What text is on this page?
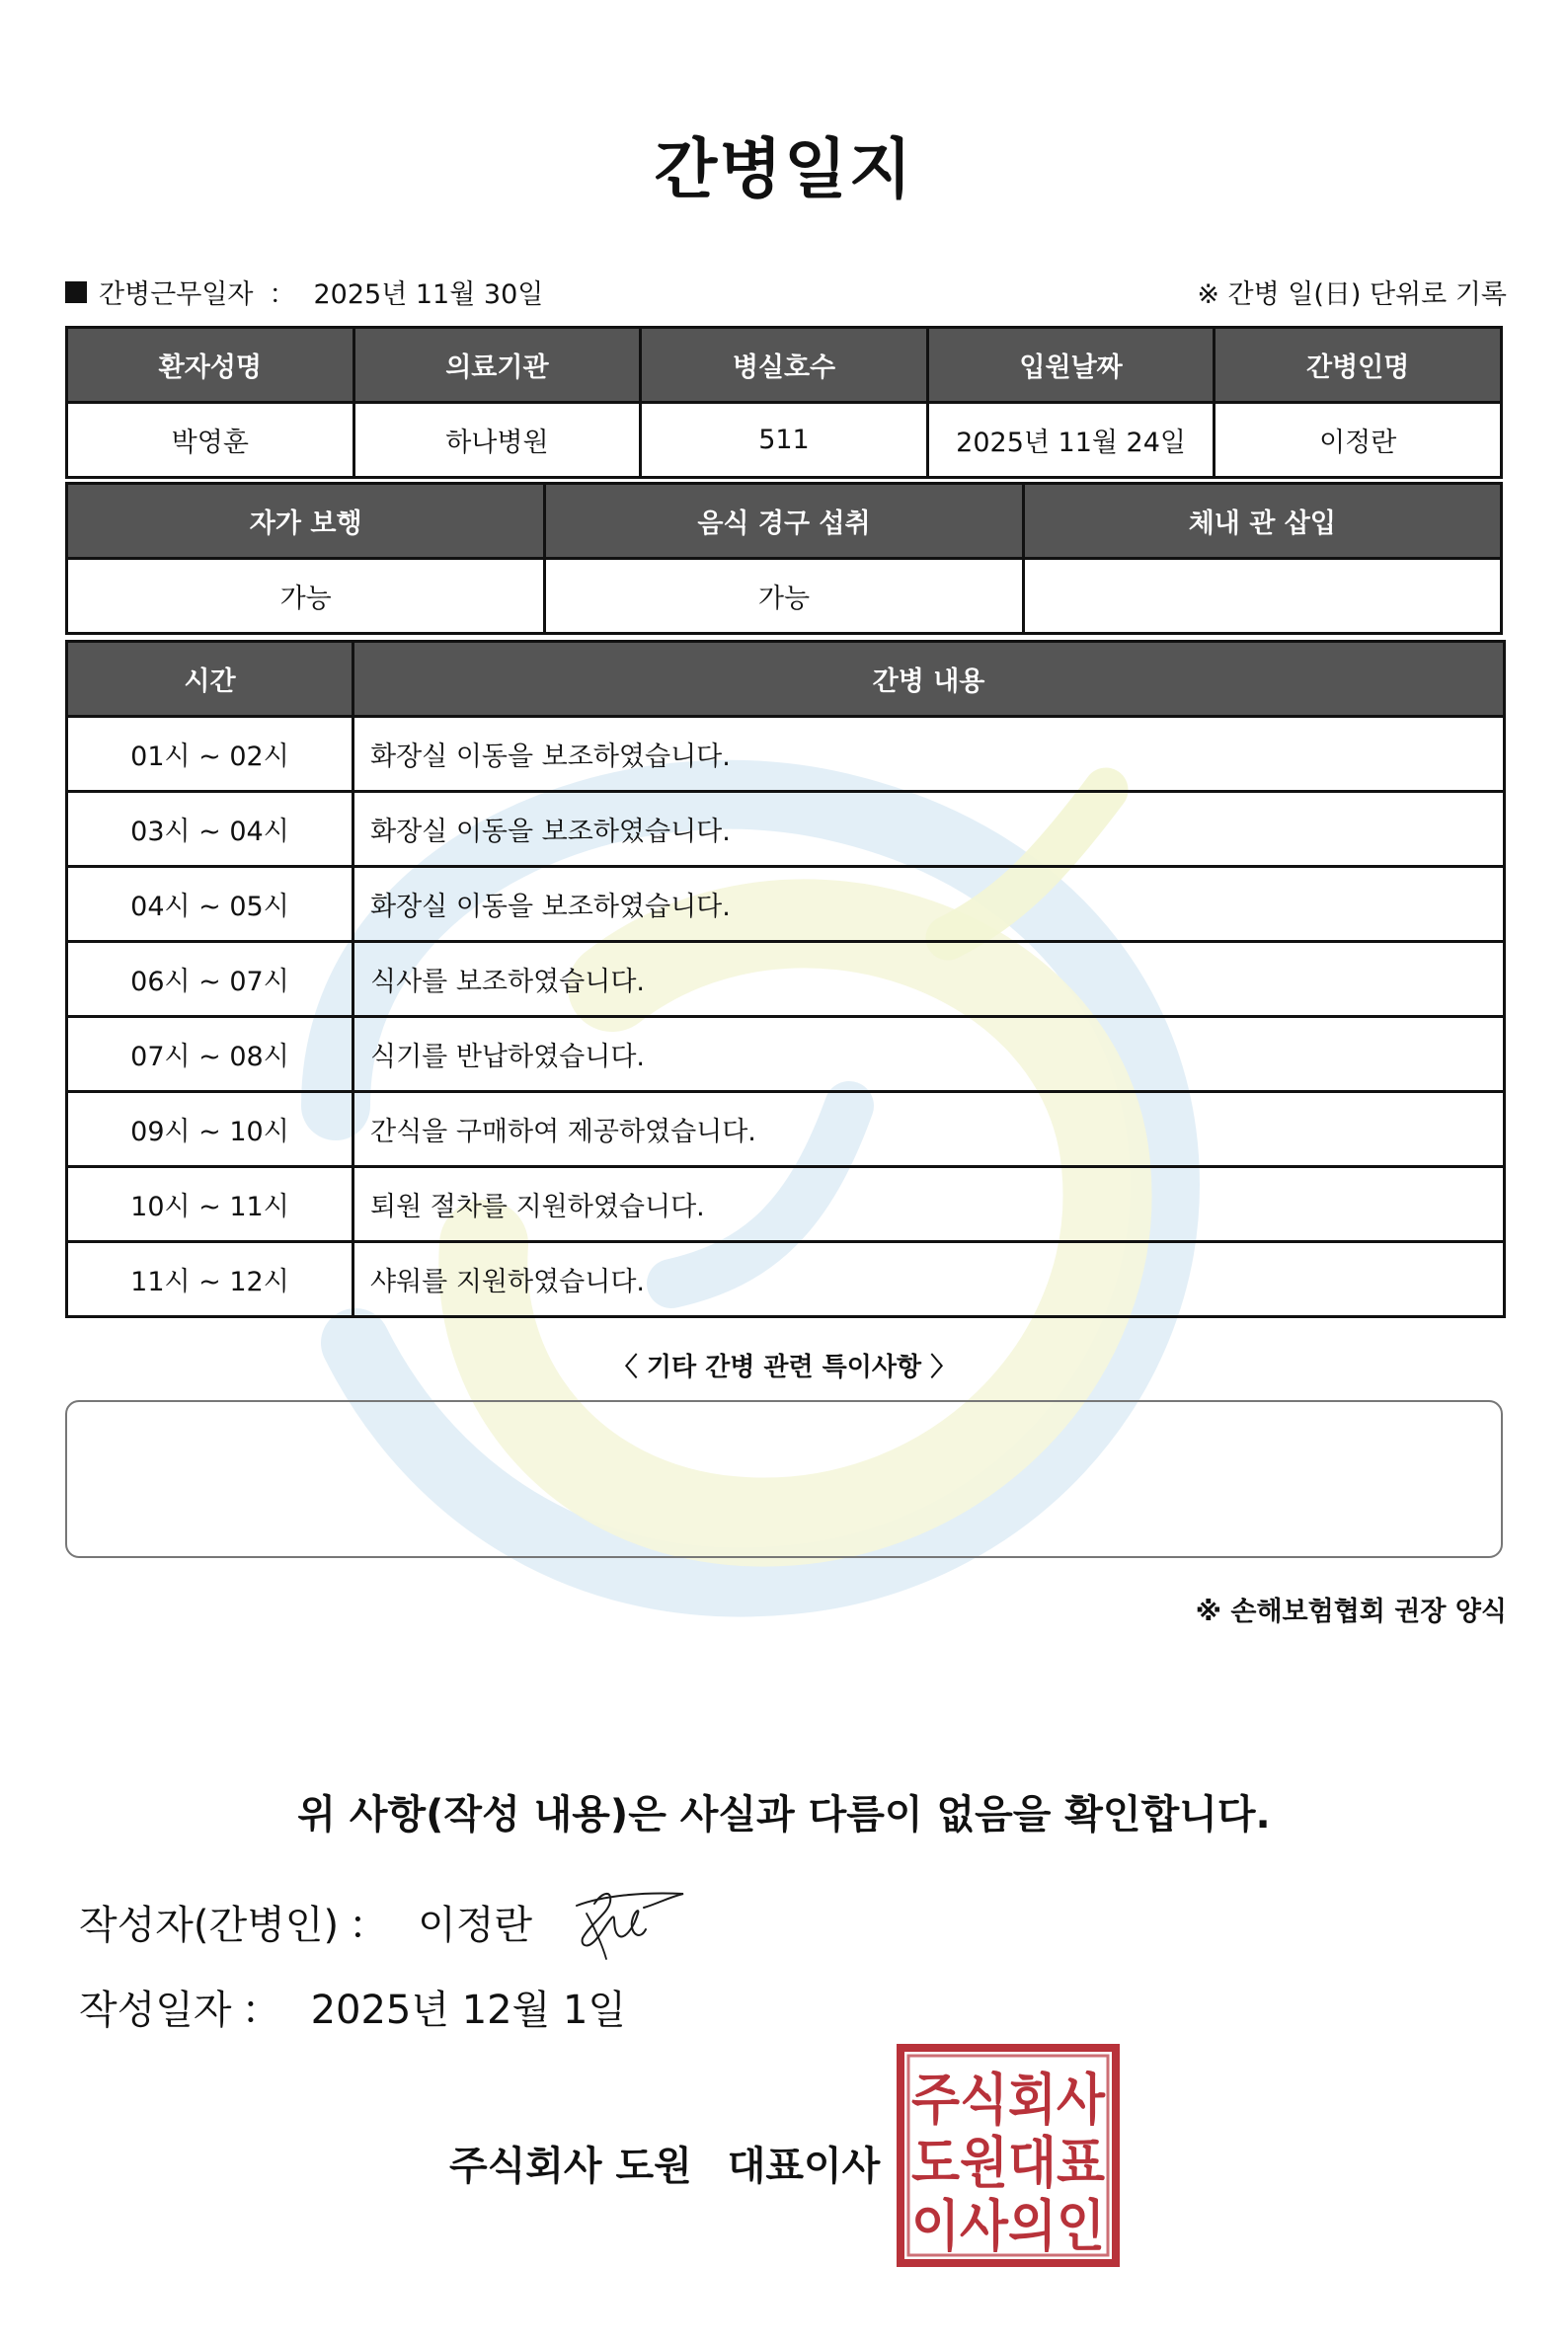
간병일지
간병근무일자 ： 2025년 11월 30일	※ 간병 일(日) 단위로 기록
환자성명	의료기관	병실호수	입원날짜	간병인명
박영훈	하나병원	511	2025년 11월 24일	이정란
자가 보행	음식 경구 섭취	체내 관 삽입
가능	가능	
시간	간병 내용
01시 ~ 02시	화장실 이동을 보조하였습니다.
03시 ~ 04시	화장실 이동을 보조하였습니다.
04시 ~ 05시	화장실 이동을 보조하였습니다.
06시 ~ 07시	식사를 보조하였습니다.
07시 ~ 08시	식기를 반납하였습니다.
09시 ~ 10시	간식을 구매하여 제공하였습니다.
10시 ~ 11시	퇴원 절차를 지원하였습니다.
11시 ~ 12시	샤워를 지원하였습니다.
〈 기타 간병 관련 특이사항 〉
※ 손해보험협회 권장 양식
위 사항(작성 내용)은 사실과 다름이 없음을 확인합니다.
작성자(간병인) ： 이정란
작성일자 ： 2025년 12월 1일
주식회사 도원 대표이사
주식회사
도원대표
이사의인
